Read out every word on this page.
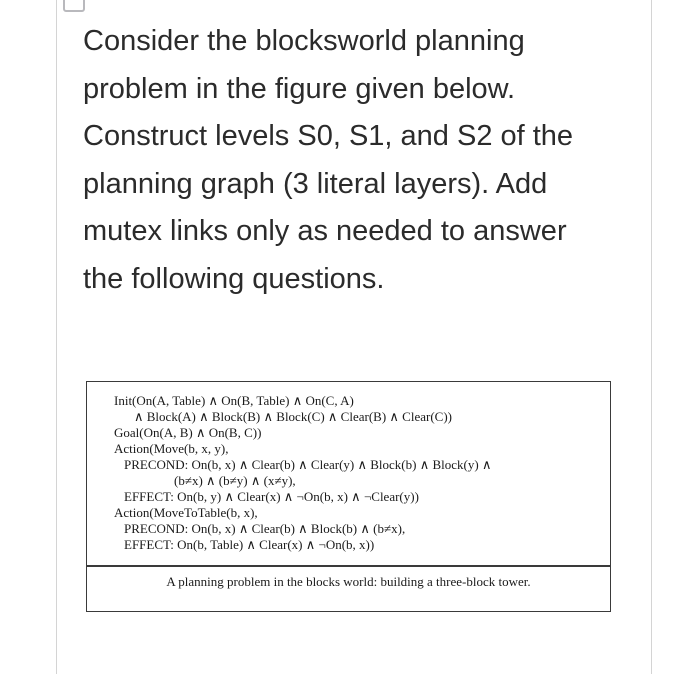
Consider the blocksworld planning
problem in the figure given below.
Construct levels S0, S1, and S2 of the
planning graph (3 literal layers). Add
mutex links only as needed to answer
the following questions.
Init(On(A, Table) ∧ On(B, Table) ∧ On(C, A)
∧ Block(A) ∧ Block(B) ∧ Block(C) ∧ Clear(B) ∧ Clear(C))
Goal(On(A, B) ∧ On(B, C))
Action(Move(b, x, y),
PRECOND: On(b, x) ∧ Clear(b) ∧ Clear(y) ∧ Block(b) ∧ Block(y) ∧
(b≠x) ∧ (b≠y) ∧ (x≠y),
EFFECT: On(b, y) ∧ Clear(x) ∧ ¬On(b, x) ∧ ¬Clear(y))
Action(MoveToTable(b, x),
PRECOND: On(b, x) ∧ Clear(b) ∧ Block(b) ∧ (b≠x),
EFFECT: On(b, Table) ∧ Clear(x) ∧ ¬On(b, x))
A planning problem in the blocks world: building a three-block tower.
